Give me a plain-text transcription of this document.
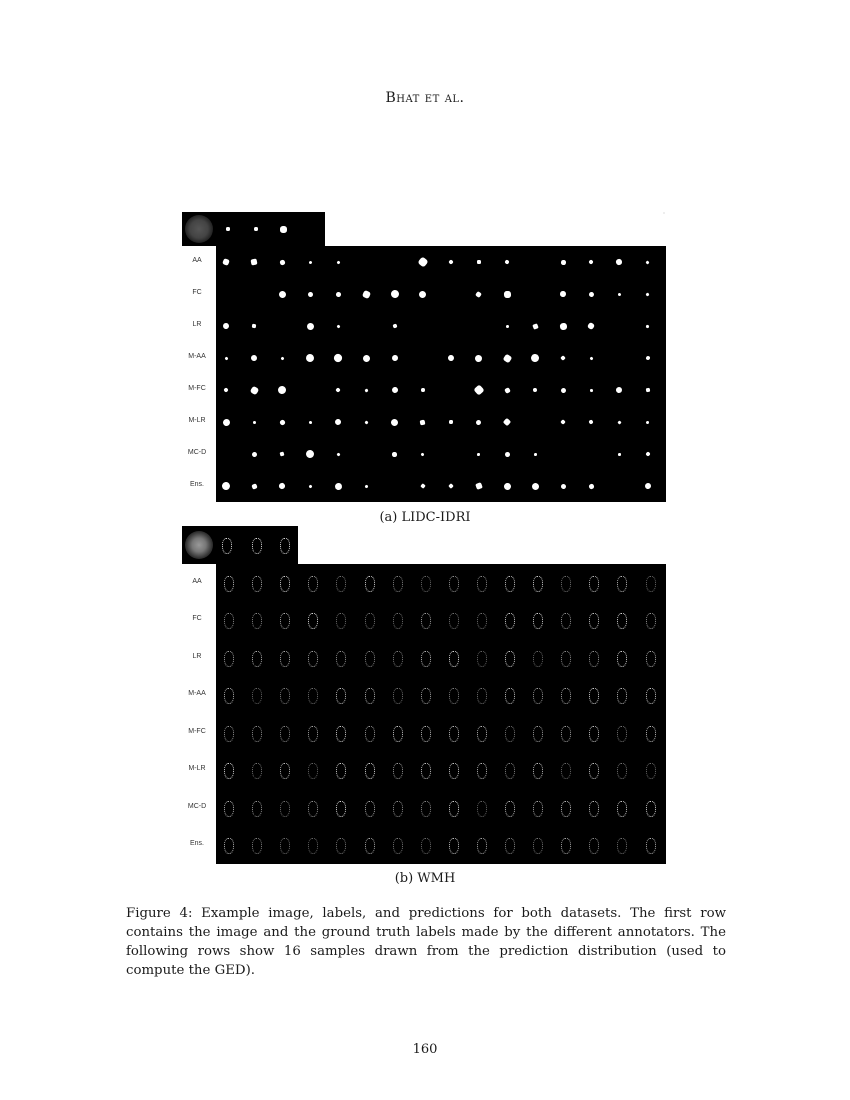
Bhat et al.
AA
FC
LR
M-AA
M-FC
M-LR
MC-D
Ens.
(a) LIDC-IDRI
AA
FC
LR
M-AA
M-FC
M-LR
MC-D
Ens.
(b) WMH

Figure 4: Example image, labels, and predictions for both datasets. The first row contains the image and the ground truth labels made by the different annotators. The following rows show 16 samples drawn from the prediction distribution (used to compute the GED).

160
